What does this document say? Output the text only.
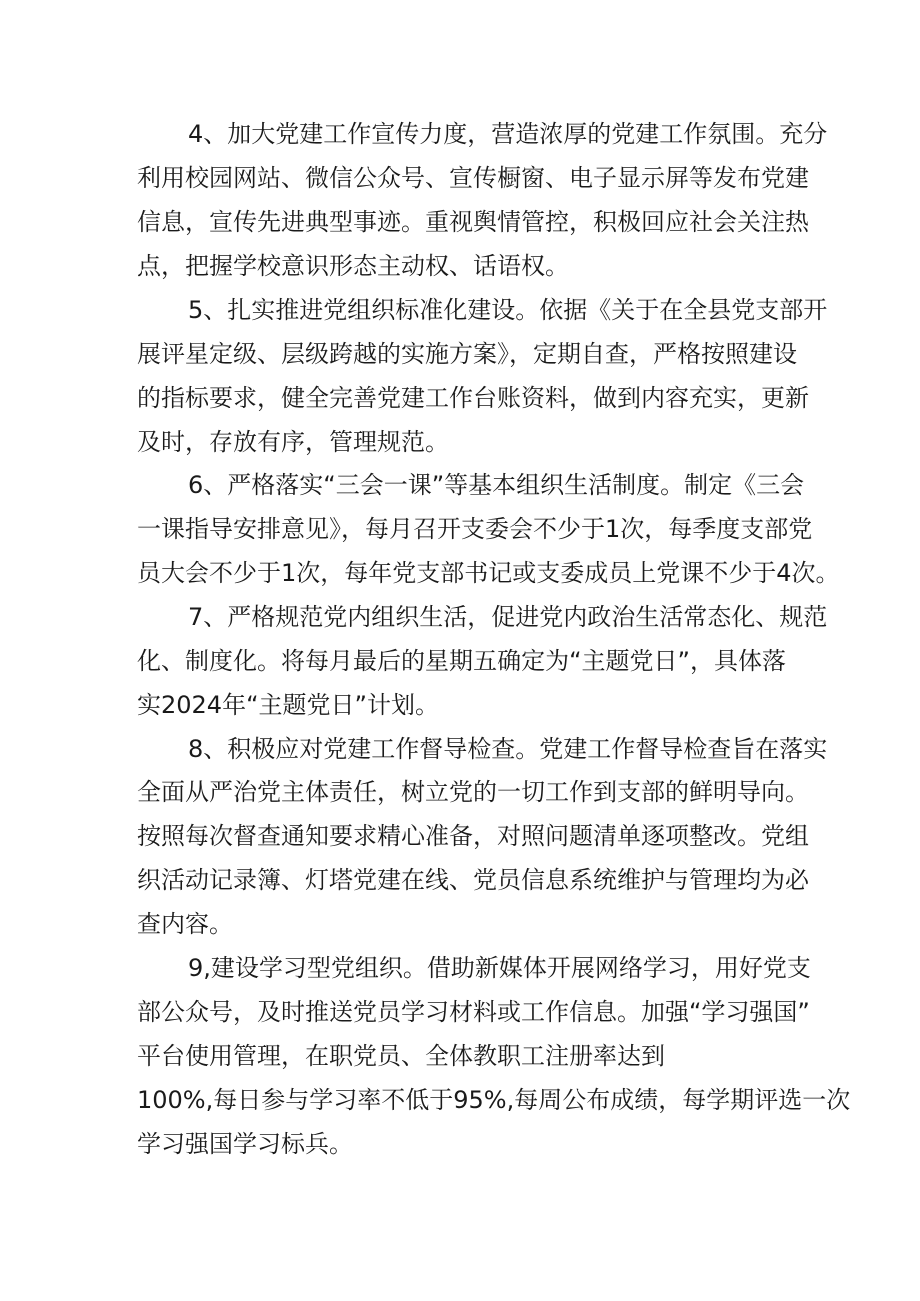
4、加大党建工作宣传力度，营造浓厚的党建工作氛围。充分
利用校园网站、微信公众号、宣传橱窗、电子显示屏等发布党建
信息，宣传先进典型事迹。重视舆情管控，积极回应社会关注热
点，把握学校意识形态主动权、话语权。
5、扎实推进党组织标准化建设。依据《关于在全县党支部开
展评星定级、层级跨越的实施方案》，定期自查，严格按照建设
的指标要求，健全完善党建工作台账资料，做到内容充实，更新
及时，存放有序，管理规范。
6、严格落实“三会一课”等基本组织生活制度。制定《三会
一课指导安排意见》，每月召开支委会不少于1次，每季度支部党
员大会不少于1次，每年党支部书记或支委成员上党课不少于4次。
7、严格规范党内组织生活，促进党内政治生活常态化、规范
化、制度化。将每月最后的星期五确定为“主题党日”，具体落
实2024年“主题党日”计划。
8、积极应对党建工作督导检查。党建工作督导检查旨在落实
全面从严治党主体责任，树立党的一切工作到支部的鲜明导向。
按照每次督查通知要求精心准备，对照问题清单逐项整改。党组
织活动记录簿、灯塔党建在线、党员信息系统维护与管理均为必
查内容。
9,建设学习型党组织。借助新媒体开展网络学习，用好党支
部公众号，及时推送党员学习材料或工作信息。加强“学习强国”
平台使用管理，在职党员、全体教职工注册率达到
100%,每日参与学习率不低于95%,每周公布成绩，每学期评选一次
学习强国学习标兵。
